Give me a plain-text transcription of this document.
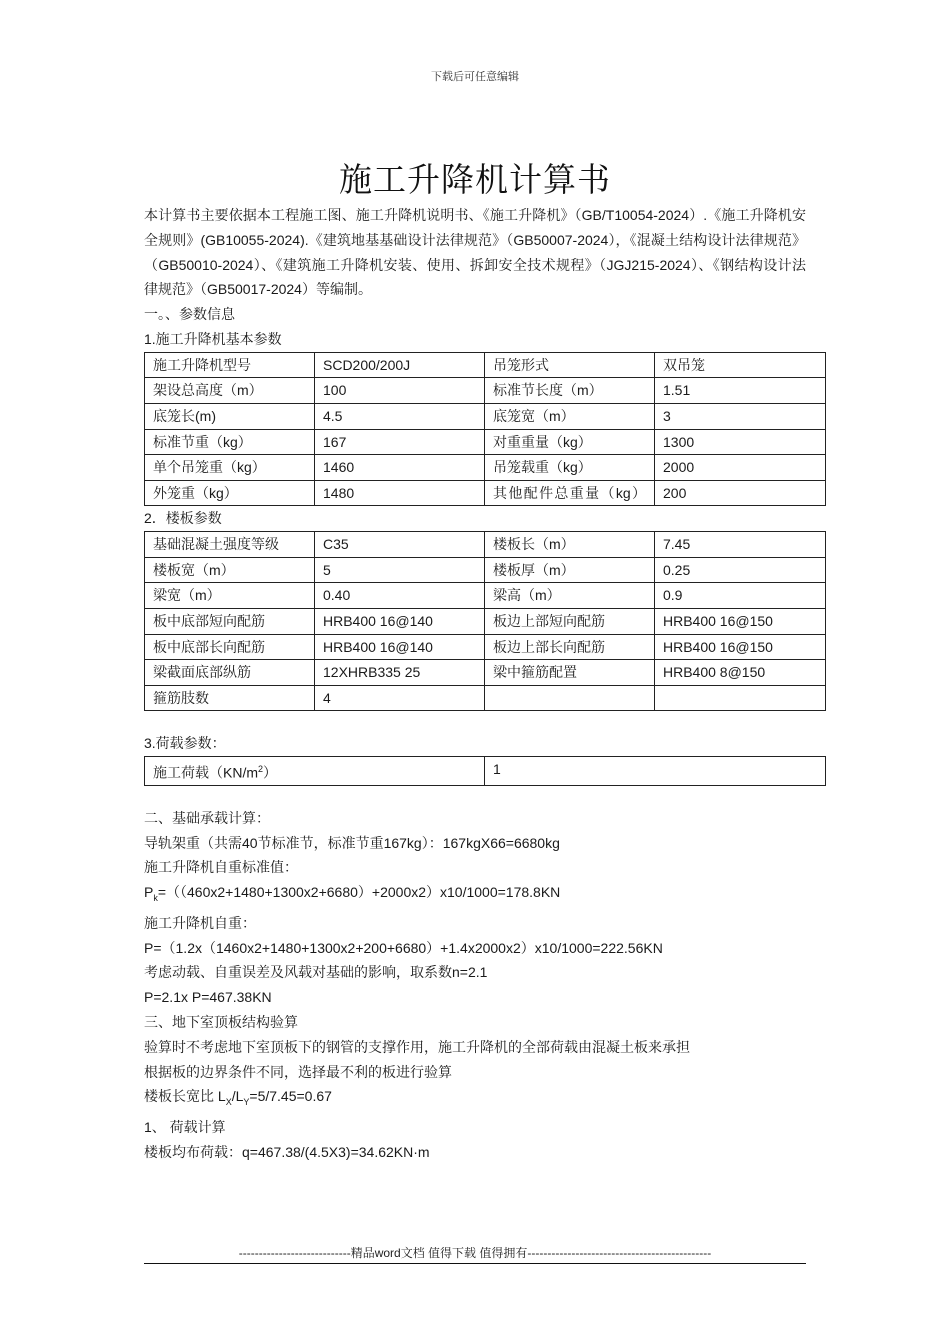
下载后可任意编辑
施工升降机计算书

本计算书主要依据本工程施工图、施工升降机说明书、《施工升降机》（GB/T10054-2024）.《施工升降机安全规则》(GB10055-2024).《建筑地基基础设计法律规范》（GB50007-2024），《混凝土结构设计法律规范》（GB50010-2024）、《建筑施工升降机安装、使用、拆卸安全技术规程》（JGJ215-2024）、《钢结构设计法律规范》（GB50017-2024）等编制。

一。、参数信息

1.施工升降机基本参数

施工升降机型号	SCD200/200J	吊笼形式	双吊笼
架设总高度（m）	100	标准节长度（m）	1.51
底笼长(m)	4.5	底笼宽（m）	3
标准节重（kg）	167	对重重量（kg）	1300
单个吊笼重（kg）	1460	吊笼载重（kg）	2000
外笼重（kg）	1480	其他配件总重量（kg）	200

2．楼板参数

基础混凝土强度等级	C35	楼板长（m）	7.45
楼板宽（m）	5	楼板厚（m）	0.25
梁宽（m）	0.40	梁高（m）	0.9
板中底部短向配筋	HRB400 16@140	板边上部短向配筋	HRB400 16@150
板中底部长向配筋	HRB400 16@140	板边上部长向配筋	HRB400 16@150
梁截面底部纵筋	12XHRB335 25	梁中箍筋配置	HRB400 8@150
箍筋肢数	4		

3.荷载参数：

施工荷载$(KN/m^2)$	1

二、基础承载计算：

导轨架重（共需40节标准节，标准节重167kg）：167kgX66=6680kg

施工升降机自重标准值：

$P_k=((460x2+1480+1300x2+6680)+2000x2)x10/1000=178.8KN$

施工升降机自重：

P=（1.2x（1460x2+1480+1300x2+200+6680）+1.4x2000x2）x10/1000=222.56KN

考虑动载、自重误差及风载对基础的影响，取系数n=2.1

P=2.1x P=467.38KN

三、地下室顶板结构验算

验算时不考虑地下室顶板下的钢管的支撑作用，施工升降机的全部荷载由混凝土板来承担

根据板的边界条件不同，选择最不利的板进行验算

楼板长宽比 $L_X/L_Y=5/7.45=0.67$

1、 荷载计算

楼板均布荷载：q=467.38/(4.5X3)=34.62KN·m

----------------------------精品word文档 值得下载 值得拥有----------------------------------------------
